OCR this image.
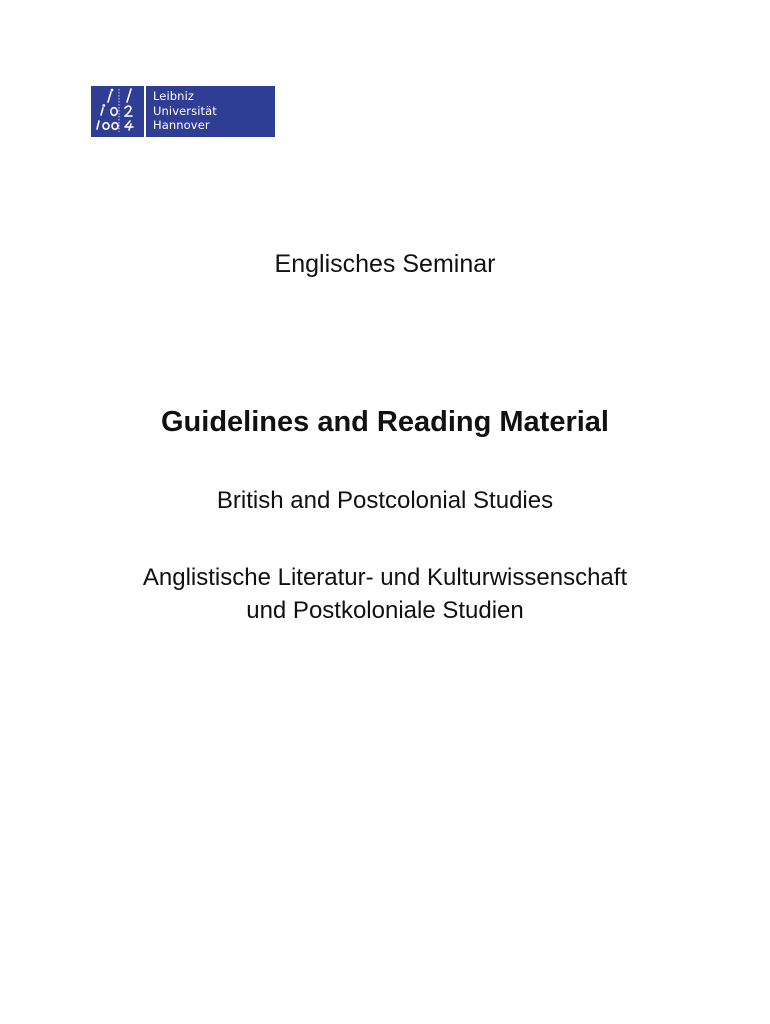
Leibniz
Universität
Hannover
Englisches Seminar
Guidelines and Reading Material
British and Postcolonial Studies
Anglistische Literatur- und Kulturwissenschaft
und Postkoloniale Studien
